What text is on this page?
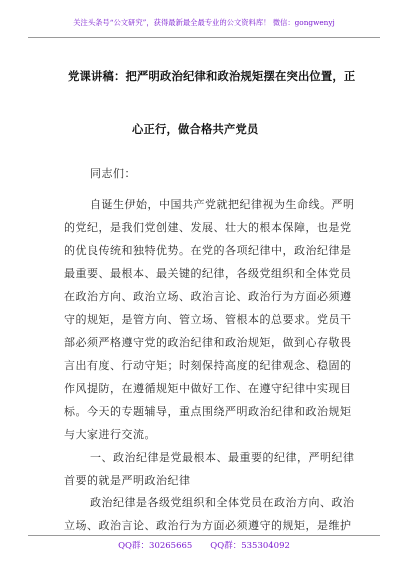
关注头条号“公文研究”，获得最新最全最专业的公文资料库！ 微信：gongwenyj
党课讲稿：把严明政治纪律和政治规矩摆在突出位置，正
心正行，做合格共产党员
同志们：
自诞生伊始，中国共产党就把纪律视为生命线。严明
的党纪，是我们党创建、发展、壮大的根本保障，也是党
的优良传统和独特优势。在党的各项纪律中，政治纪律是
最重要、最根本、最关键的纪律，各级党组织和全体党员
在政治方向、政治立场、政治言论、政治行为方面必须遵
守的规矩，是管方向、管立场、管根本的总要求。党员干
部必须严格遵守党的政治纪律和政治规矩，做到心存敬畏
言出有度、行动守矩；时刻保持高度的纪律观念、稳固的
作风提防，在遵循规矩中做好工作、在遵守纪律中实现目
标。今天的专题辅导，重点围绕严明政治纪律和政治规矩
与大家进行交流。
一、政治纪律是党最根本、最重要的纪律，严明纪律
首要的就是严明政治纪律
政治纪律是各级党组织和全体党员在政治方向、政治
立场、政治言论、政治行为方面必须遵守的规矩，是维护
QQ群：30265665 QQ群：535304092
